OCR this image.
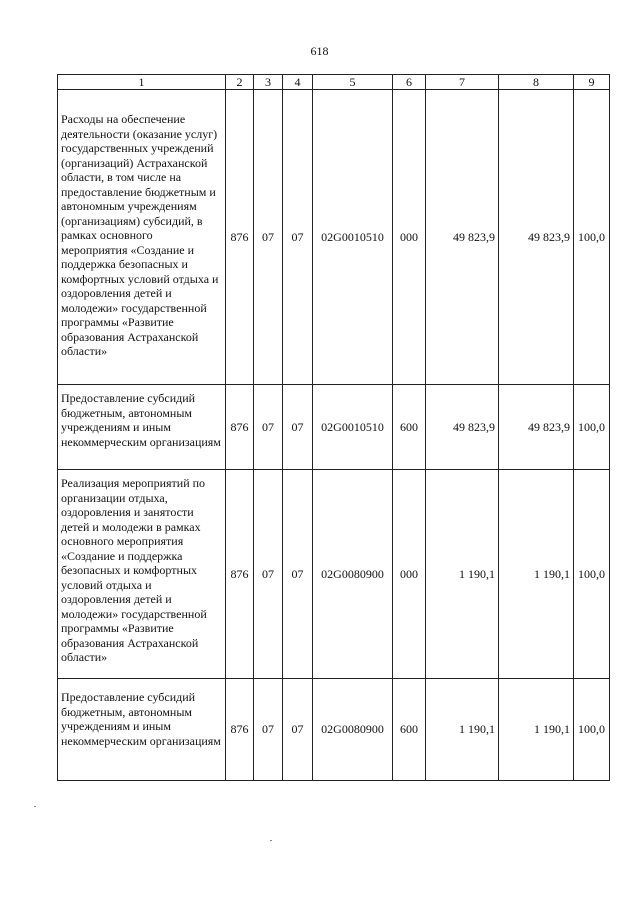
618
1	2	3	4	5	6	7	8	9
Расходы на обеспечение деятельности (оказание услуг) государственных учреждений (организаций) Астраханской области, в том числе на предоставление бюджетным и автономным учреждениям (организациям) субсидий, в рамках основного мероприятия «Создание и поддержка безопасных и комфортных условий отдыха и оздоровления детей и молодежи» государственной программы «Развитие образования Астраханской области»	876	07	07	02G0010510	000	49 823,9	49 823,9	100,0
Предоставление субсидий бюджетным, автономным учреждениям и иным некоммерческим организациям	876	07	07	02G0010510	600	49 823,9	49 823,9	100,0
Реализация мероприятий по организации отдыха, оздоровления и занятости детей и молодежи в рамках основного мероприятия «Создание и поддержка безопасных и комфортных условий отдыха и оздоровления детей и молодежи» государственной программы «Развитие образования Астраханской области»	876	07	07	02G0080900	000	1 190,1	1 190,1	100,0
Предоставление субсидий бюджетным, автономным учреждениям и иным некоммерческим организациям	876	07	07	02G0080900	600	1 190,1	1 190,1	100,0
